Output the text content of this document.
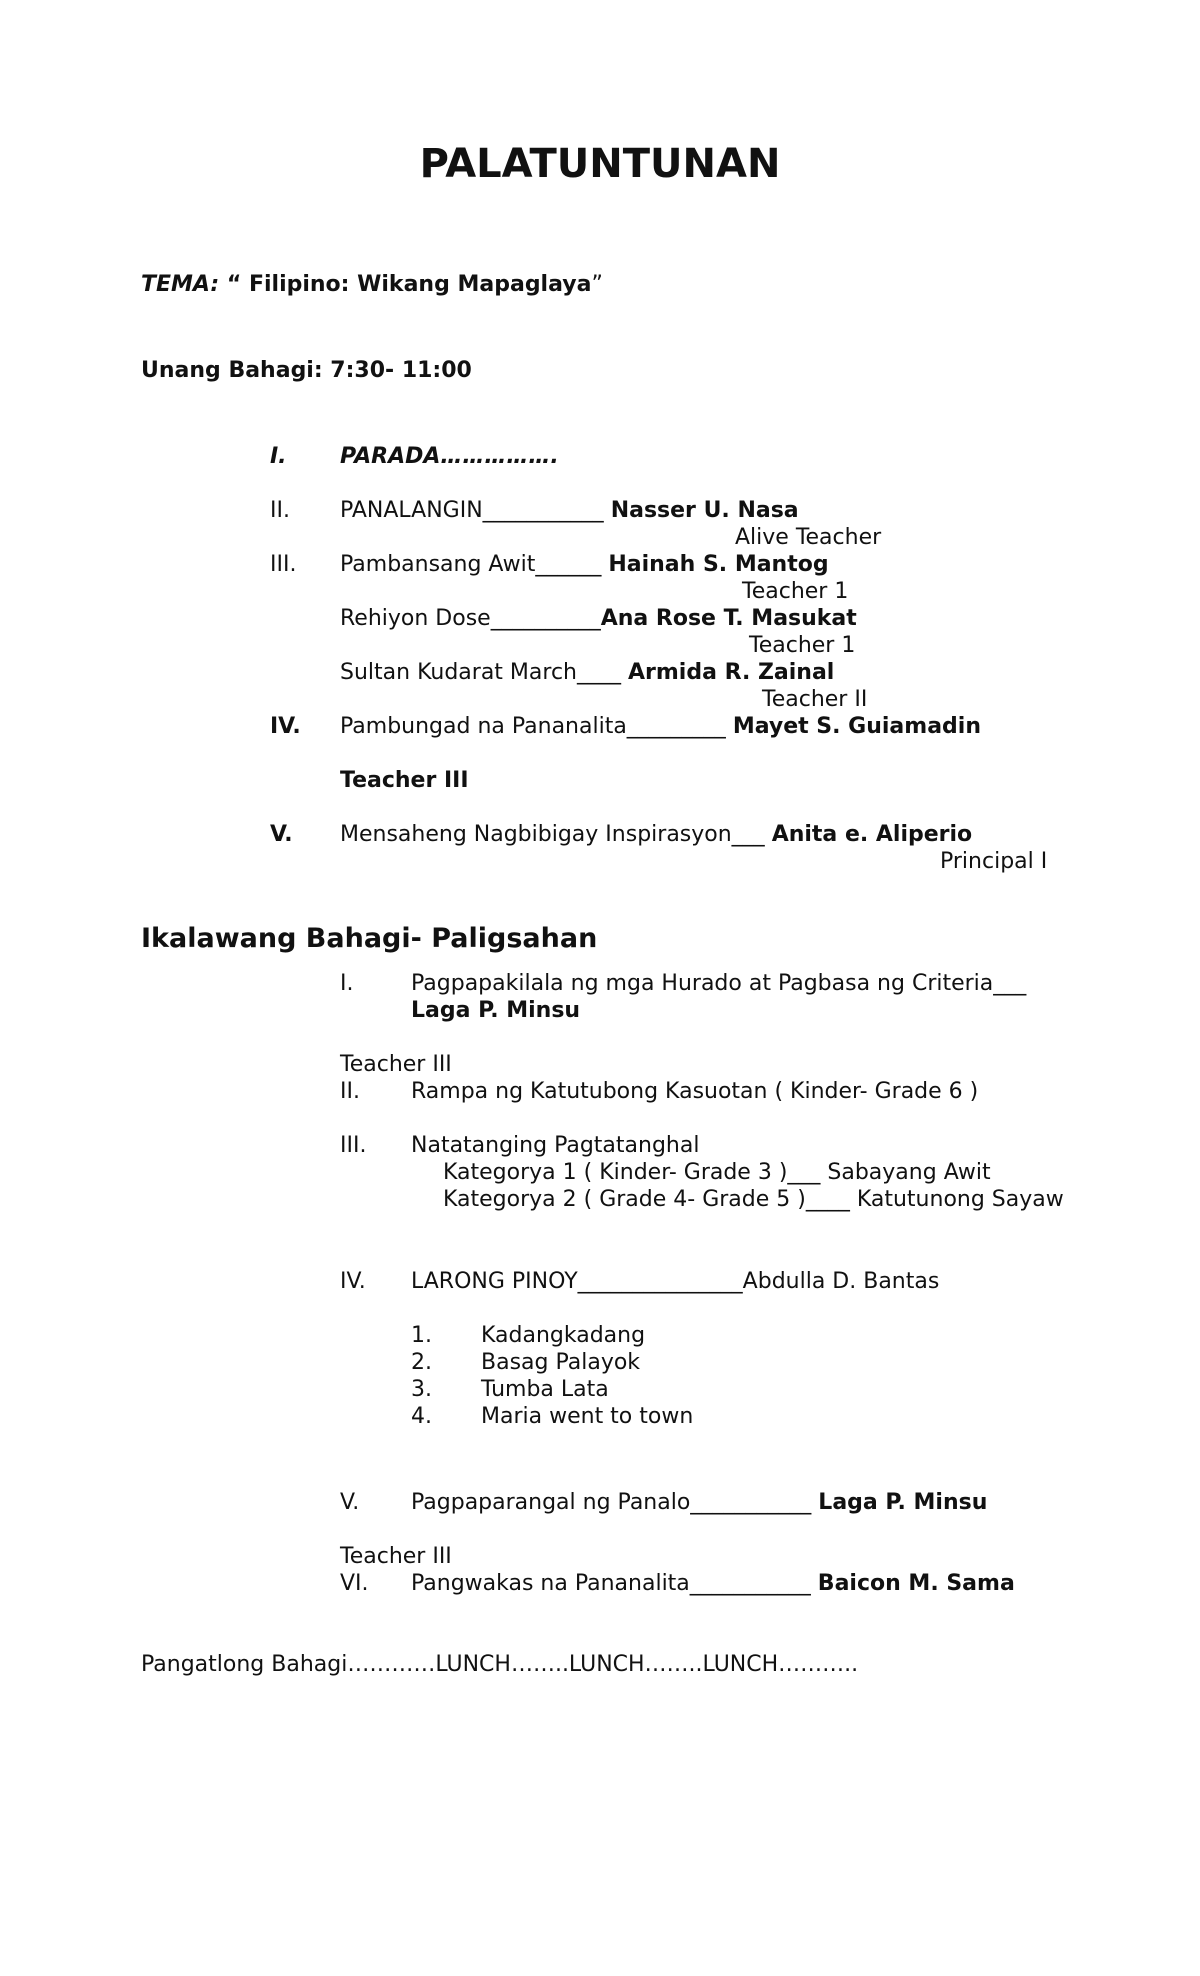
PALATUNTUNAN
TEMA: “ Filipino: Wikang Mapaglaya”
Unang Bahagi: 7:30- 11:00
I. PARADA…………….
II. PANALANGIN___________ Nasser U. Nasa
Alive Teacher
III. Pambansang Awit______ Hainah S. Mantog
Teacher 1
Rehiyon Dose__________Ana Rose T. Masukat
Teacher 1
Sultan Kudarat March____ Armida R. Zainal
Teacher II
IV. Pambungad na Pananalita_________ Mayet S. Guiamadin
Teacher III
V. Mensaheng Nagbibigay Inspirasyon___ Anita e. Aliperio
Principal I
Ikalawang Bahagi- Paligsahan
I.	Pagpapakilala ng mga Hurado at Pagbasa ng Criteria___
Laga P. Minsu
Teacher III
II. Rampa ng Katutubong Kasuotan ( Kinder- Grade 6 )
III. Natatanging Pagtatanghal
Kategorya 1 ( Kinder- Grade 3 )___ Sabayang Awit
Kategorya 2 ( Grade 4- Grade 5 )____ Katutunong Sayaw
IV. LARONG PINOY_______________Abdulla D. Bantas
1. Kadangkadang
2. Basag Palayok
3. Tumba Lata
4. Maria went to town
V. Pagpaparangal ng Panalo___________ Laga P. Minsu
Teacher III
VI. Pangwakas na Pananalita___________ Baicon M. Sama
Pangatlong Bahagi…………LUNCH……..LUNCH……..LUNCH………..
